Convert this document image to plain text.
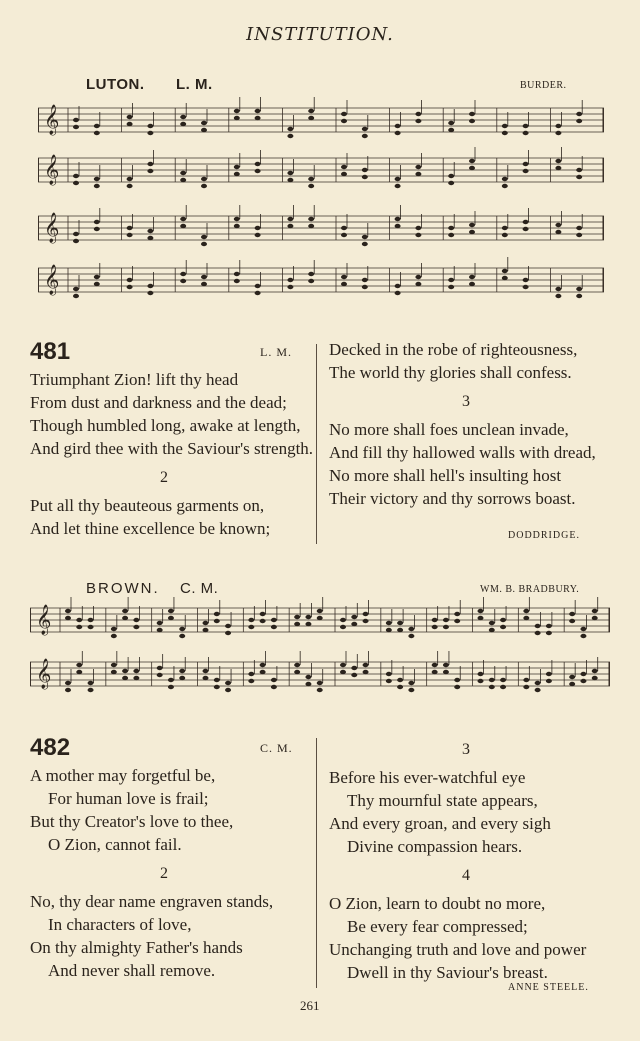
INSTITUTION.
LUTON. L. M.	BURDER.
𝄞
𝄞
𝄞
𝄞
481	L. M.
Triumphant Zion! lift thy head
From dust and darkness and the dead;
Though humbled long, awake at length,
And gird thee with the Saviour's strength.
2
Put all thy beauteous garments on,
And let thine excellence be known;
Decked in the robe of righteousness,
The world thy glories shall confess.
3
No more shall foes unclean invade,
And fill thy hallowed walls with dread,
No more shall hell's insulting host
Their victory and thy sorrows boast.
DODDRIDGE.
BROWN. C. M.	WM. B. BRADBURY.
𝄞
𝄞
482	C. M.
A mother may forgetful be,
For human love is frail;
But thy Creator's love to thee,
O Zion, cannot fail.
2
No, thy dear name engraven stands,
In characters of love,
On thy almighty Father's hands
And never shall remove.
3
Before his ever-watchful eye
Thy mournful state appears,
And every groan, and every sigh
Divine compassion hears.
4
O Zion, learn to doubt no more,
Be every fear compressed;
Unchanging truth and love and power
Dwell in thy Saviour's breast.
ANNE STEELE.
261
